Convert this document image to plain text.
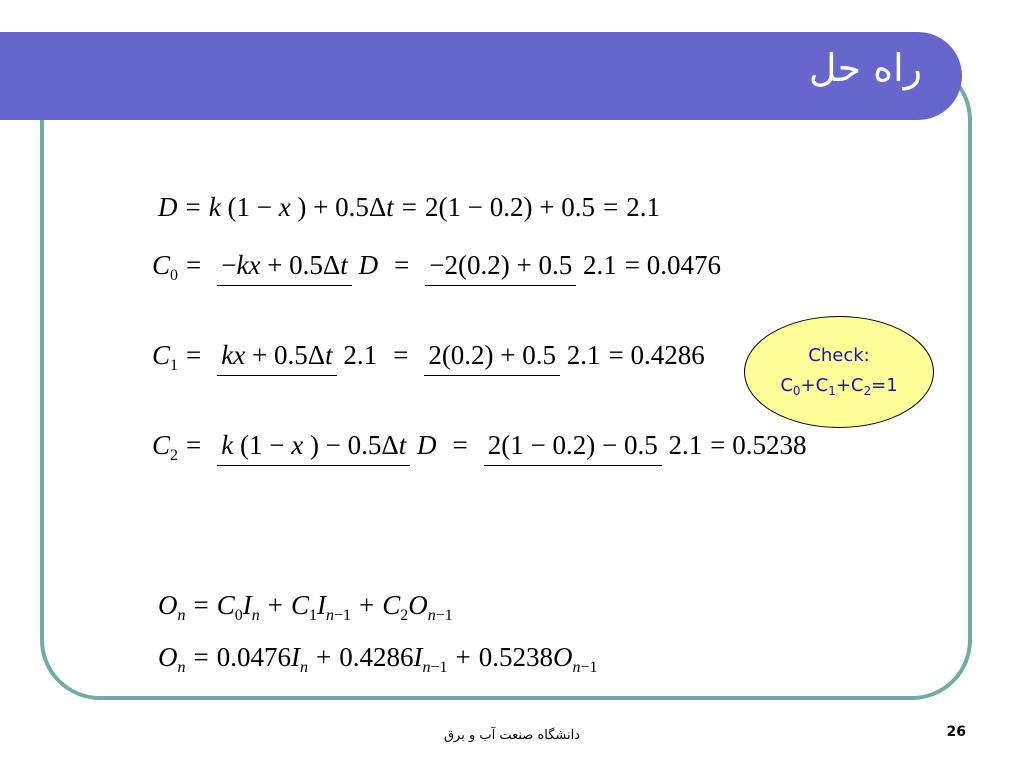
راه حل
D = k (1 − x ) + 0.5Δt = 2(1 − 0.2) + 0.5 = 2.1
$C_0 = -kx + 0.5\Delta t$ D = −2(0.2) + 0.5 2.1 = 0.0476
$C_1$ = kx + 0.5Δt 2.1 = 2(0.2) + 0.5 2.1 = 0.4286
$C_2 = k$ (1 − x ) − 0.5Δt D = 2(1 − 0.2) − 0.5 2.1 = 0.5238
$O_n = C_0I_n + C_1I_{n-1} + C_2O_{n-1}$
$O_n = 0.0476I_n + 0.4286I_{n-1} + 0.5238O_{n-1}$
Check:
$C_0+C_1+C_2=1$
دانشگاه صنعت آب و برق	26
